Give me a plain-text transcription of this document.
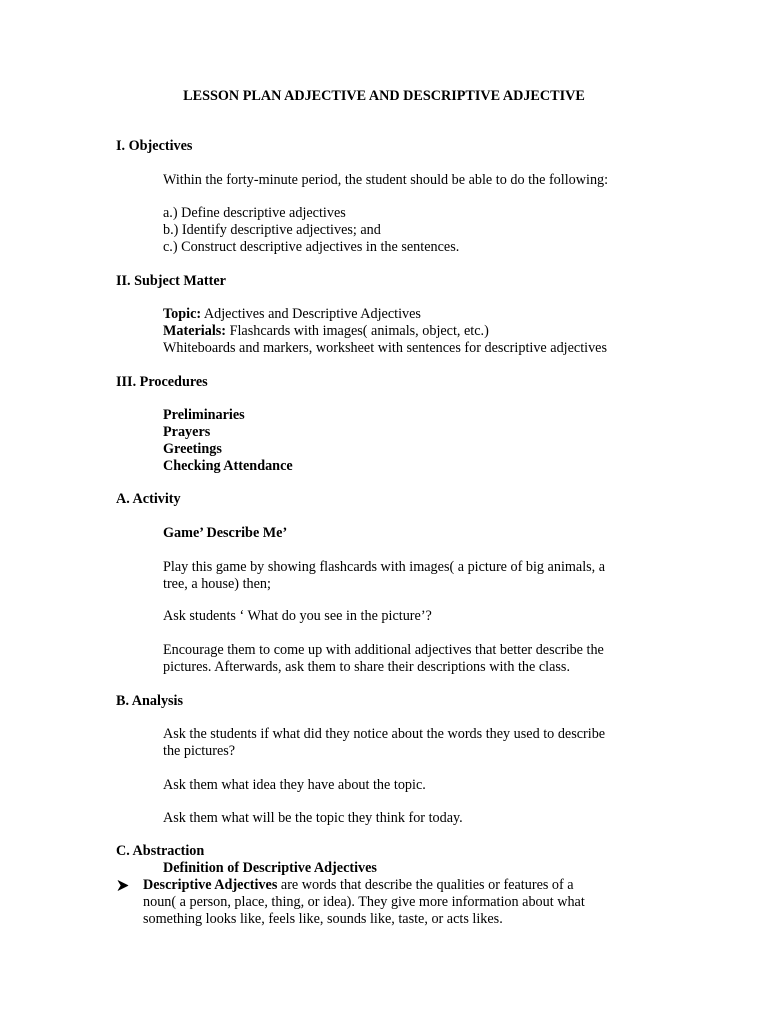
LESSON PLAN ADJECTIVE AND DESCRIPTIVE ADJECTIVE
I. Objectives
Within the forty-minute period, the student should be able to do the following:
a.) Define descriptive adjectives
b.) Identify descriptive adjectives; and
c.) Construct descriptive adjectives in the sentences.
II. Subject Matter
Topic: Adjectives and Descriptive Adjectives
Materials: Flashcards with images( animals, object, etc.)
Whiteboards and markers, worksheet with sentences for descriptive adjectives
III. Procedures
Preliminaries
Prayers
Greetings
Checking Attendance
A. Activity
Game’ Describe Me’
Play this game by showing flashcards with images( a picture of big animals, a
tree, a house) then;
Ask students ‘ What do you see in the picture’?
Encourage them to come up with additional adjectives that better describe the
pictures. Afterwards, ask them to share their descriptions with the class.
B. Analysis
Ask the students if what did they notice about the words they used to describe
the pictures?
Ask them what idea they have about the topic.
Ask them what will be the topic they think for today.
C. Abstraction
Definition of Descriptive Adjectives
Descriptive Adjectives are words that describe the qualities or features of a
noun( a person, place, thing, or idea). They give more information about what
something looks like, feels like, sounds like, taste, or acts likes.
